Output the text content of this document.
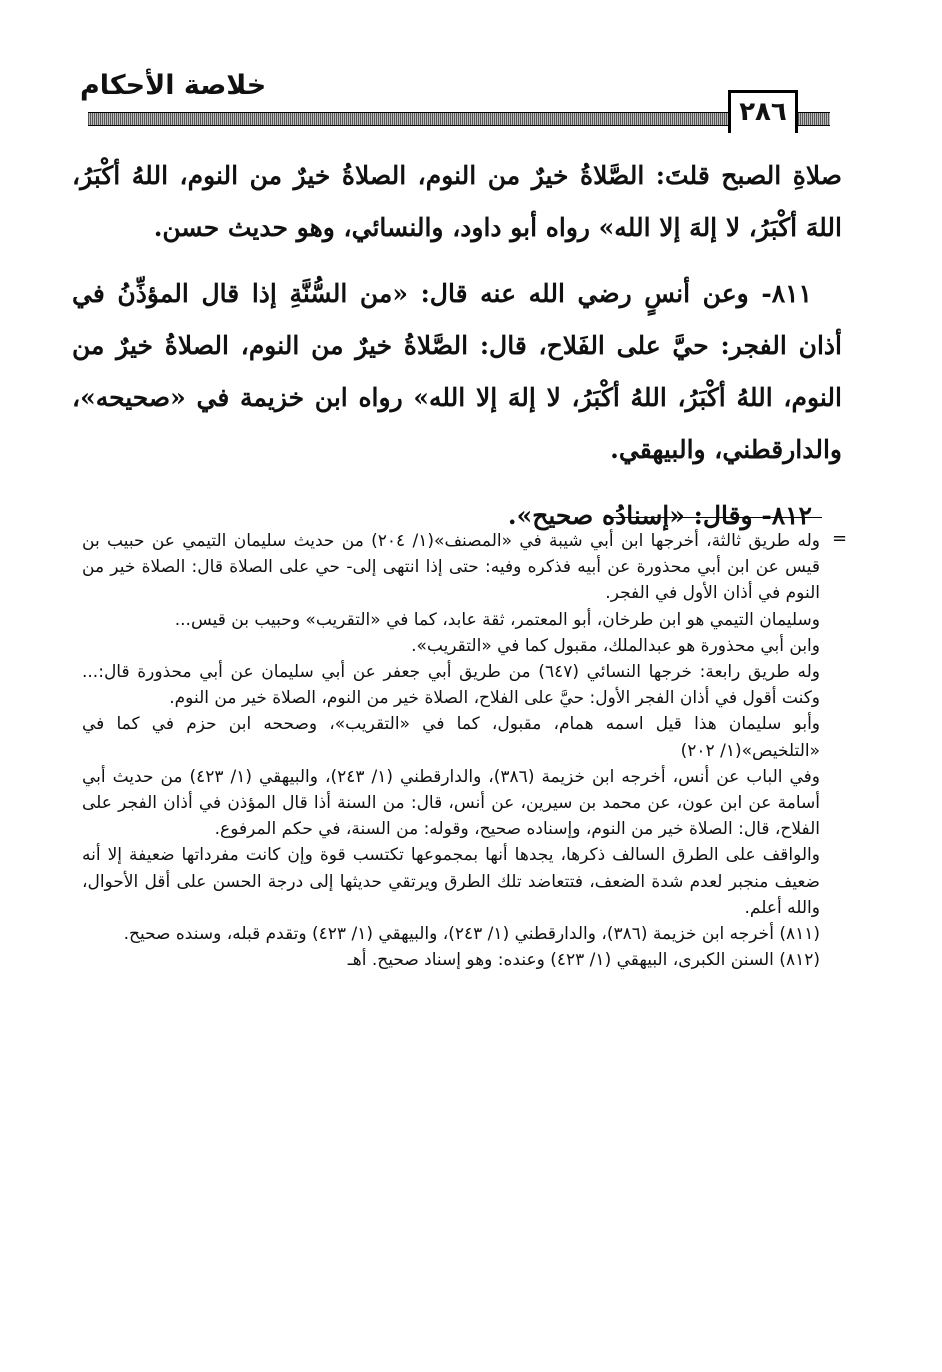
خلاصة الأحكام
٢٨٦

صلاةِ الصبح قلتَ: الصَّلاةُ خيرٌ من النوم، الصلاةُ خيرٌ من النوم، اللهُ أكْبَرُ، اللهَ أكْبَرُ، لا إلهَ إلا الله» رواه أبو داود، والنسائي، وهو حديث حسن.

٨١١- وعن أنسٍ رضي الله عنه قال: «من السُّنَّةِ إذا قال المؤذِّنُ في أذان الفجر: حيَّ على الفَلاح، قال: الصَّلاةُ خيرٌ من النوم، الصلاةُ خيرٌ من النوم، اللهُ أكْبَرُ، اللهُ أكْبَرُ، لا إلهَ إلا الله» رواه ابن خزيمة في «صحيحه»، والدارقطني، والبيهقي.

٨١٢- وقال: «إسنادُه صحيح».

=

وله طريق ثالثة، أخرجها ابن أبي شيبة في «المصنف»(١/ ٢٠٤) من حديث سليمان التيمي عن حبيب بن قيس عن ابن أبي محذورة عن أبيه فذكره وفيه: حتى إذا انتهى إلى- حي على الصلاة قال: الصلاة خير من النوم في أذان الأول في الفجر.

وسليمان التيمي هو ابن طرخان، أبو المعتمر، ثقة عابد، كما في «التقريب» وحبيب بن قيس...

وابن أبي محذورة هو عبدالملك، مقبول كما في «التقريب».

وله طريق رابعة: خرجها النسائي (٦٤٧) من طريق أبي جعفر عن أبي سليمان عن أبي محذورة قال:... وكنت أقول في أذان الفجر الأول: حيَّ على الفلاح، الصلاة خير من النوم، الصلاة خير من النوم.

وأبو سليمان هذا قيل اسمه همام، مقبول، كما في «التقريب»، وصححه ابن حزم في كما في «التلخيص»(١/ ٢٠٢)

وفي الباب عن أنس، أخرجه ابن خزيمة (٣٨٦)، والدارقطني (١/ ٢٤٣)، والبيهقي (١/ ٤٢٣) من حديث أبي أسامة عن ابن عون، عن محمد بن سيرين، عن أنس، قال: من السنة أذا قال المؤذن في أذان الفجر على الفلاح، قال: الصلاة خير من النوم، وإسناده صحيح، وقوله: من السنة، في حكم المرفوع.

والواقف على الطرق السالف ذكرها، يجدها أنها بمجموعها تكتسب قوة وإن كانت مفرداتها ضعيفة إلا أنه ضعيف منجبر لعدم شدة الضعف، فتتعاضد تلك الطرق ويرتقي حديثها إلى درجة الحسن على أقل الأحوال، والله أعلم.

(٨١١) أخرجه ابن خزيمة (٣٨٦)، والدارقطني (١/ ٢٤٣)، والبيهقي (١/ ٤٢٣) وتقدم قبله، وسنده صحيح.

(٨١٢) السنن الكبرى، البيهقي (١/ ٤٢٣) وعنده: وهو إسناد صحيح. أهـ
